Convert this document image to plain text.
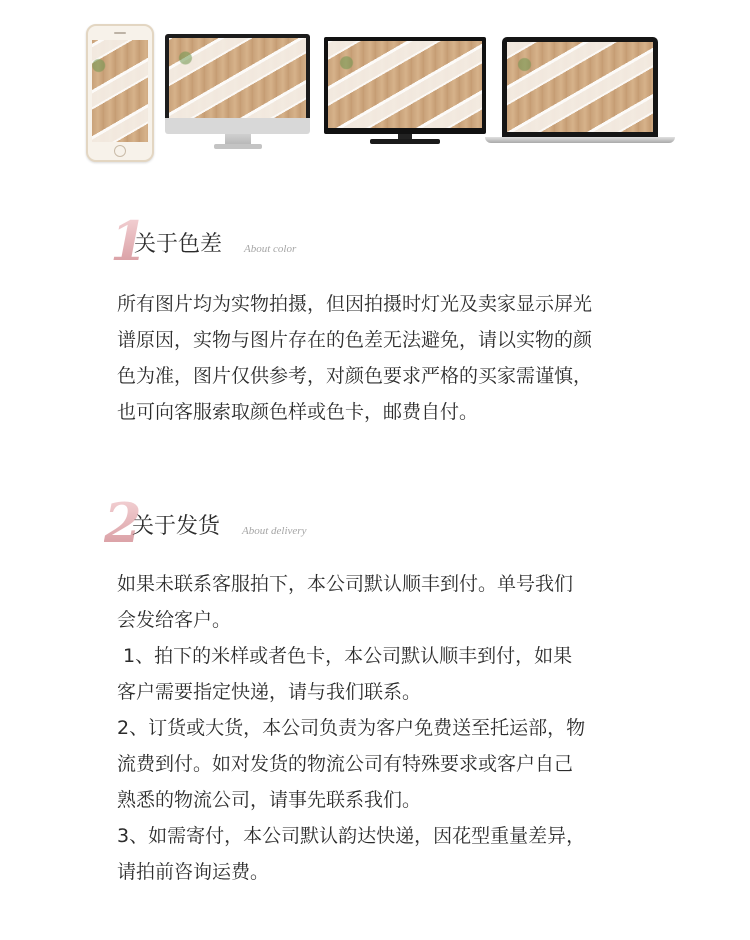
1
关于色差 About color
所有图片均为实物拍摄，但因拍摄时灯光及卖家显示屏光
谱原因，实物与图片存在的色差无法避免，请以实物的颜
色为准，图片仅供参考，对颜色要求严格的买家需谨慎，
也可向客服索取颜色样或色卡，邮费自付。
2
关于发货 About delivery
如果未联系客服拍下，本公司默认顺丰到付。单号我们
会发给客户。
1、拍下的米样或者色卡，本公司默认顺丰到付，如果
客户需要指定快递，请与我们联系。
2、订货或大货，本公司负责为客户免费送至托运部，物
流费到付。如对发货的物流公司有特殊要求或客户自己
熟悉的物流公司，请事先联系我们。
3、如需寄付，本公司默认韵达快递，因花型重量差异，
请拍前咨询运费。
